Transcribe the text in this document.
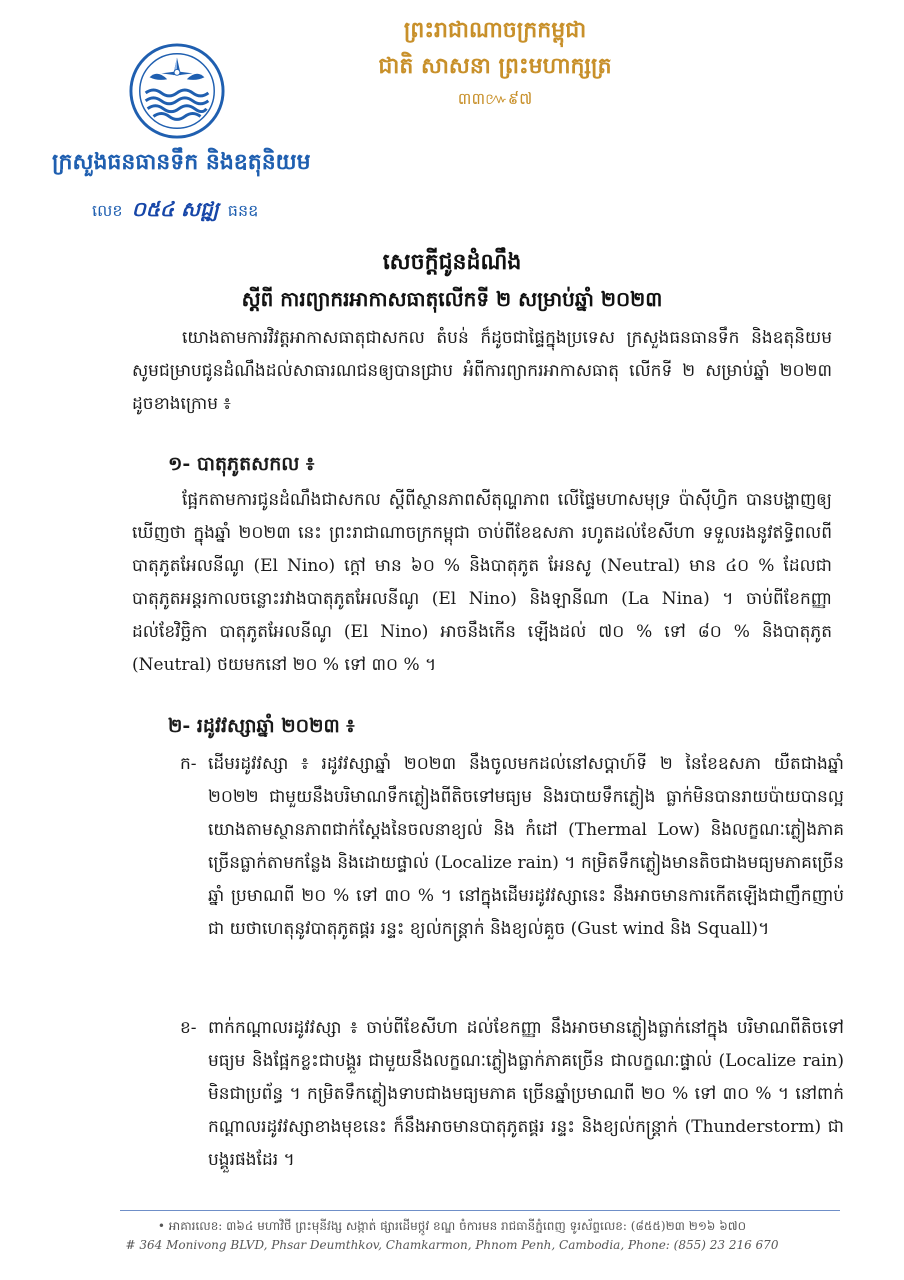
ព្រះរាជាណាចក្រកម្ពុជា
ជាតិ សាសនា ព្រះមហាក្សត្រ
៣៣៚៩៧
ក្រសួងធនធានទឹក និងឧតុនិយម
លេខ ០៥៤ សជ្ឍ ធនឧ
សេចក្តីជូនដំណឹង
ស្តីពី ការព្យាករអាកាសធាតុលើកទី ២ សម្រាប់ឆ្នាំ ២០២៣
យោងតាមការវិវត្តអាកាសធាតុជាសកល តំបន់ ក៏ដូចជាផ្ទៃក្នុងប្រទេស ក្រសួងធនធានទឹក និងឧតុនិយម សូមជម្រាបជូនដំណឹងដល់សាធារណជនឲ្យបានជ្រាប អំពីការព្យាករអាកាសធាតុ លើកទី ២ សម្រាប់ឆ្នាំ ២០២៣ ដូចខាងក្រោម ៖
១- បាតុភូតសកល ៖
ផ្អែកតាមការជូនដំណឹងជាសកល ស្តីពីស្ថានភាពសីតុណ្ហភាព លើផ្ទៃមហាសមុទ្រ ប៉ាស៊ីហ្វិក បានបង្ហាញឲ្យឃើញថា ក្នុងឆ្នាំ ២០២៣ នេះ ព្រះរាជាណាចក្រកម្ពុជា ចាប់ពីខែឧសភា រហូតដល់ខែសីហា ទទួលរងនូវឥទ្ធិពលពីបាតុភូតអែលនីណូ (El Nino) ក្តៅ មាន ៦០ % និងបាតុភូត អែនសូ (Neutral) មាន ៤០ % ដែលជាបាតុភូតអន្តរកាលចន្លោះរវាងបាតុភូតអែលនីណូ (El Nino) និងឡានីណា (La Nina) ។ ចាប់ពីខែកញ្ញាដល់ខែវិច្ឆិកា បាតុភូតអែលនីណូ (El Nino) អាចនឹងកើន ឡើងដល់ ៧០ % ទៅ ៨០ % និងបាតុភូត (Neutral) ថយមកនៅ ២០ % ទៅ ៣០ % ។
២- រដូវវស្សាឆ្នាំ ២០២៣ ៖
ក- ដើមរដូវវស្សា ៖ រដូវវស្សាឆ្នាំ ២០២៣ នឹងចូលមកដល់នៅសប្តាហ៍ទី ២ នៃខែឧសភា យឺតជាងឆ្នាំ ២០២២ ជាមួយនឹងបរិមាណទឹកភ្លៀងពីតិចទៅមធ្យម និងរបាយទឹកភ្លៀង ធ្លាក់មិនបានរាយប៉ាយបានល្អ យោងតាមស្ថានភាពជាក់ស្តែងនៃចលនាខ្យល់ និង កំដៅ (Thermal Low) និងលក្ខណៈភ្លៀងភាគច្រើនធ្លាក់តាមកន្លែង និងដោយផ្ទាល់ (Localize rain) ។ កម្រិតទឹកភ្លៀងមានតិចជាងមធ្យមភាគច្រើនឆ្នាំ ប្រមាណពី ២០ % ទៅ ៣០ % ។ នៅក្នុងដើមរដូវវស្សានេះ នឹងអាចមានការកើតឡើងជាញឹកញាប់ជា យថាហេតុនូវបាតុភូតផ្គរ រន្ទះ ខ្យល់កន្ត្រាក់ និងខ្យល់គួច (Gust wind និង Squall)។
ខ- ពាក់កណ្តាលរដូវវស្សា ៖ ចាប់ពីខែសីហា ដល់ខែកញ្ញា នឹងអាចមានភ្លៀងធ្លាក់នៅក្នុង បរិមាណពីតិចទៅមធ្យម និងផ្អែកខ្លះជាបង្គួរ ជាមួយនឹងលក្ខណៈភ្លៀងធ្លាក់ភាគច្រើន ជាលក្ខណៈផ្ទាល់ (Localize rain) មិនជាប្រព័ន្ធ ។ កម្រិតទឹកភ្លៀងទាបជាងមធ្យមភាគ ច្រើនឆ្នាំប្រមាណពី ២០ % ទៅ ៣០ % ។ នៅពាក់កណ្តាលរដូវវស្សាខាងមុខនេះ ក៏នឹងអាចមានបាតុភូតផ្គរ រន្ទះ និងខ្យល់កន្ត្រាក់ (Thunderstorm) ជាបង្គួរផងដែរ ។
• អាគារលេខ: ៣៦៤ មហាវិថី ព្រះមុនីវង្ស សង្កាត់ ផ្សារដើមថ្កូវ ខណ្ឌ ចំការមន រាជធានីភ្នំពេញ ទូរស័ព្ទលេខ: (៨៥៥)២៣ ២១៦ ៦៧០
# 364 Monivong BLVD, Phsar Deumthkov, Chamkarmon, Phnom Penh, Cambodia, Phone: (855) 23 216 670
